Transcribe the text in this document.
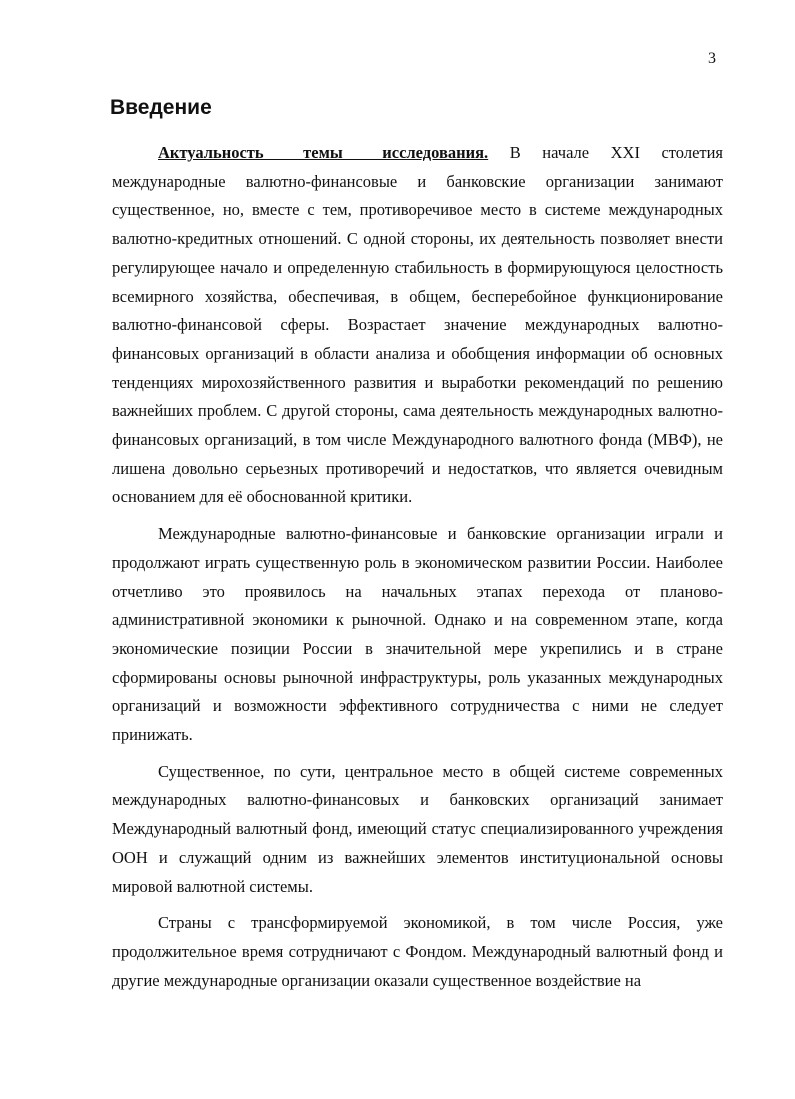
3
Введение

Актуальность темы исследования. В начале XXI столетия международные валютно-финансовые и банковские организации занимают существенное, но, вместе с тем, противоречивое место в системе международных валютно-кредитных отношений. С одной стороны, их деятельность позволяет внести регулирующее начало и определенную стабильность в формирующуюся целостность всемирного хозяйства, обеспечивая, в общем, бесперебойное функционирование валютно-финансовой сферы. Возрастает значение международных валютно-финансовых организаций в области анализа и обобщения информации об основных тенденциях мирохозяйственного развития и выработки рекомендаций по решению важнейших проблем. С другой стороны, сама деятельность международных валютно-финансовых организаций, в том числе Международного валютного фонда (МВФ), не лишена довольно серьезных противоречий и недостатков, что является очевидным основанием для её обоснованной критики.

Международные валютно-финансовые и банковские организации играли и продолжают играть существенную роль в экономическом развитии России. Наиболее отчетливо это проявилось на начальных этапах перехода от планово-административной экономики к рыночной. Однако и на современном этапе, когда экономические позиции России в значительной мере укрепились и в стране сформированы основы рыночной инфраструктуры, роль указанных международных организаций и возможности эффективного сотрудничества с ними не следует принижать.

Существенное, по сути, центральное место в общей системе современных международных валютно-финансовых и банковских организаций занимает Международный валютный фонд, имеющий статус специализированного учреждения ООН и служащий одним из важнейших элементов институциональной основы мировой валютной системы.

Страны с трансформируемой экономикой, в том числе Россия, уже продолжительное время сотрудничают с Фондом. Международный валютный фонд и другие международные организации оказали существенное воздействие на
